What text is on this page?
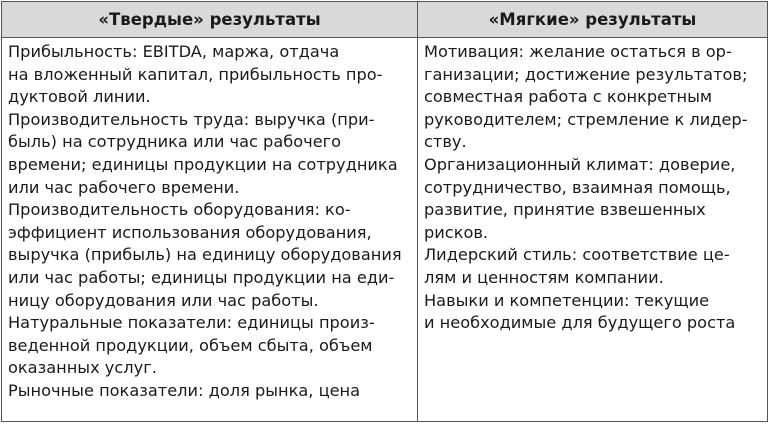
«Твердые» результаты	«Мягкие» результаты
Прибыльность: EBITDA, маржа, отдача
на вложенный капитал, прибыльность про-
дуктовой линии.
Производительность труда: выручка (при-
быль) на сотрудника или час рабочего
времени; единицы продукции на сотрудника
или час рабочего времени.
Производительность оборудования: ко-
эффициент использования оборудования,
выручка (прибыль) на единицу оборудования
или час работы; единицы продукции на еди-
ницу оборудования или час работы.
Натуральные показатели: единицы произ-
веденной продукции, объем сбыта, объем
оказанных услуг.
Рыночные показатели: доля рынка, цена
Мотивация: желание остаться в ор-
ганизации; достижение результатов;
совместная работа с конкретным
руководителем; стремление к лидер-
ству.
Организационный климат: доверие,
сотрудничество, взаимная помощь,
развитие, принятие взвешенных
рисков.
Лидерский стиль: соответствие це-
лям и ценностям компании.
Навыки и компетенции: текущие
и необходимые для будущего роста
